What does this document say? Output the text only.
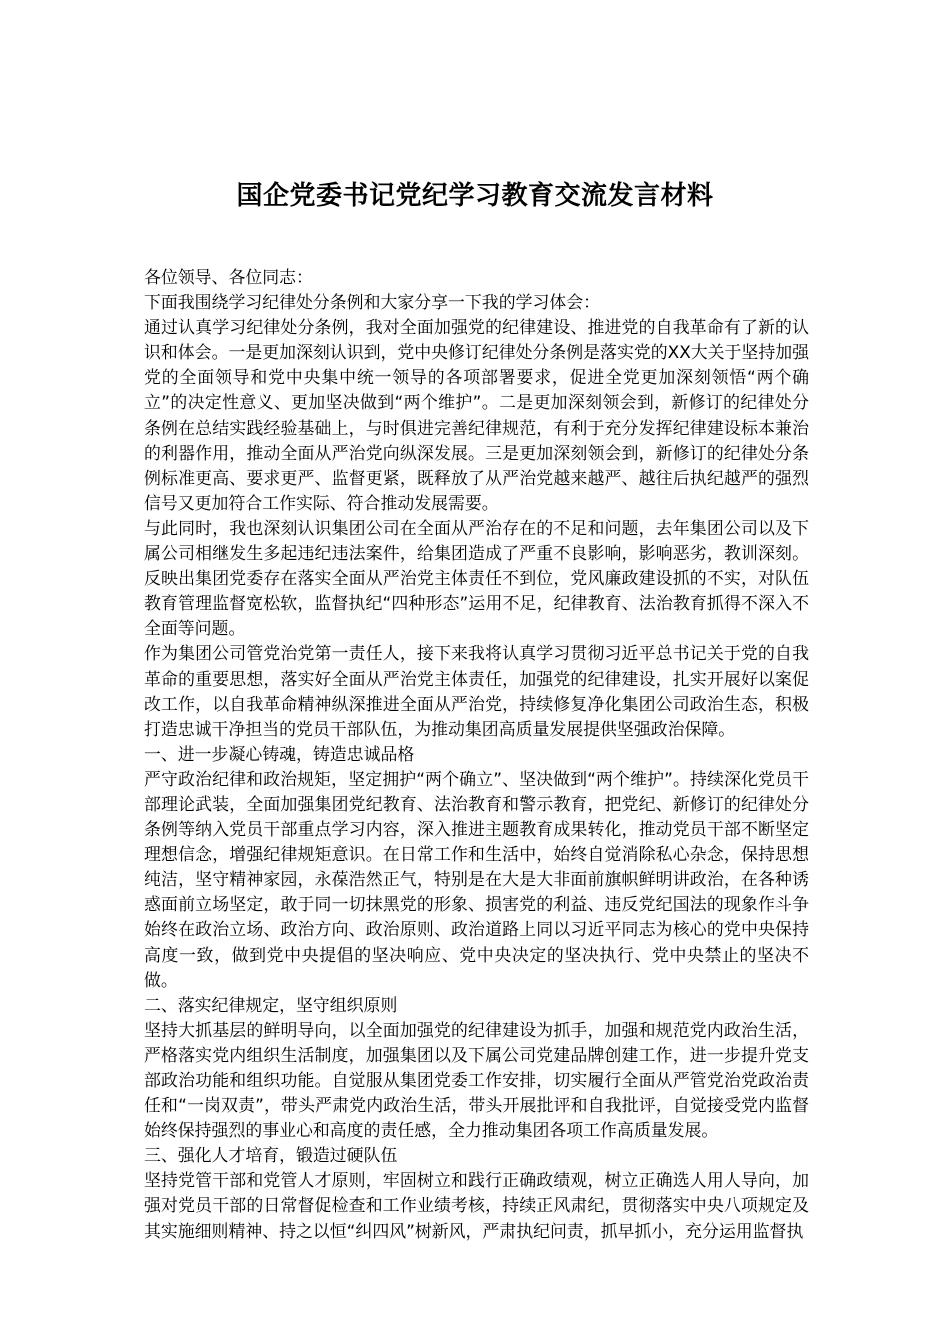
国企党委书记党纪学习教育交流发言材料

各位领导、各位同志：

下面我围绕学习纪律处分条例和大家分享一下我的学习体会：

通过认真学习纪律处分条例，我对全面加强党的纪律建设、推进党的自我革命有了新的认识和体会。一是更加深刻认识到，党中央修订纪律处分条例是落实党的XX大关于坚持加强党的全面领导和党中央集中统一领导的各项部署要求，促进全党更加深刻领悟“两个确立”的决定性意义、更加坚决做到“两个维护”。二是更加深刻领会到，新修订的纪律处分条例在总结实践经验基础上，与时俱进完善纪律规范，有利于充分发挥纪律建设标本兼治的利器作用，推动全面从严治党向纵深发展。三是更加深刻领会到，新修订的纪律处分条例标准更高、要求更严、监督更紧，既释放了从严治党越来越严、越往后执纪越严的强烈信号又更加符合工作实际、符合推动发展需要。

与此同时，我也深刻认识集团公司在全面从严治存在的不足和问题，去年集团公司以及下属公司相继发生多起违纪违法案件，给集团造成了严重不良影响，影响恶劣，教训深刻。反映出集团党委存在落实全面从严治党主体责任不到位，党风廉政建设抓的不实，对队伍教育管理监督宽松软，监督执纪“四种形态”运用不足，纪律教育、法治教育抓得不深入不全面等问题。

作为集团公司管党治党第一责任人，接下来我将认真学习贯彻习近平总书记关于党的自我革命的重要思想，落实好全面从严治党主体责任，加强党的纪律建设，扎实开展好以案促改工作，以自我革命精神纵深推进全面从严治党，持续修复净化集团公司政治生态，积极打造忠诚干净担当的党员干部队伍，为推动集团高质量发展提供坚强政治保障。

一、进一步凝心铸魂，铸造忠诚品格

严守政治纪律和政治规矩，坚定拥护“两个确立”、坚决做到“两个维护”。持续深化党员干部理论武装，全面加强集团党纪教育、法治教育和警示教育，把党纪、新修订的纪律处分条例等纳入党员干部重点学习内容，深入推进主题教育成果转化，推动党员干部不断坚定理想信念，增强纪律规矩意识。在日常工作和生活中，始终自觉消除私心杂念，保持思想纯洁，坚守精神家园，永葆浩然正气，特别是在大是大非面前旗帜鲜明讲政治，在各种诱惑面前立场坚定，敢于同一切抹黑党的形象、损害党的利益、违反党纪国法的现象作斗争始终在政治立场、政治方向、政治原则、政治道路上同以习近平同志为核心的党中央保持高度一致，做到党中央提倡的坚决响应、党中央决定的坚决执行、党中央禁止的坚决不做。

二、落实纪律规定，坚守组织原则

坚持大抓基层的鲜明导向，以全面加强党的纪律建设为抓手，加强和规范党内政治生活，严格落实党内组织生活制度，加强集团以及下属公司党建品牌创建工作，进一步提升党支部政治功能和组织功能。自觉服从集团党委工作安排，切实履行全面从严管党治党政治责任和“一岗双责”，带头严肃党内政治生活，带头开展批评和自我批评，自觉接受党内监督始终保持强烈的事业心和高度的责任感，全力推动集团各项工作高质量发展。

三、强化人才培育，锻造过硬队伍

坚持党管干部和党管人才原则，牢固树立和践行正确政绩观，树立正确选人用人导向，加强对党员干部的日常督促检查和工作业绩考核，持续正风肃纪，贯彻落实中央八项规定及其实施细则精神、持之以恒“纠四风”树新风，严肃执纪问责，抓早抓小，充分运用监督执
